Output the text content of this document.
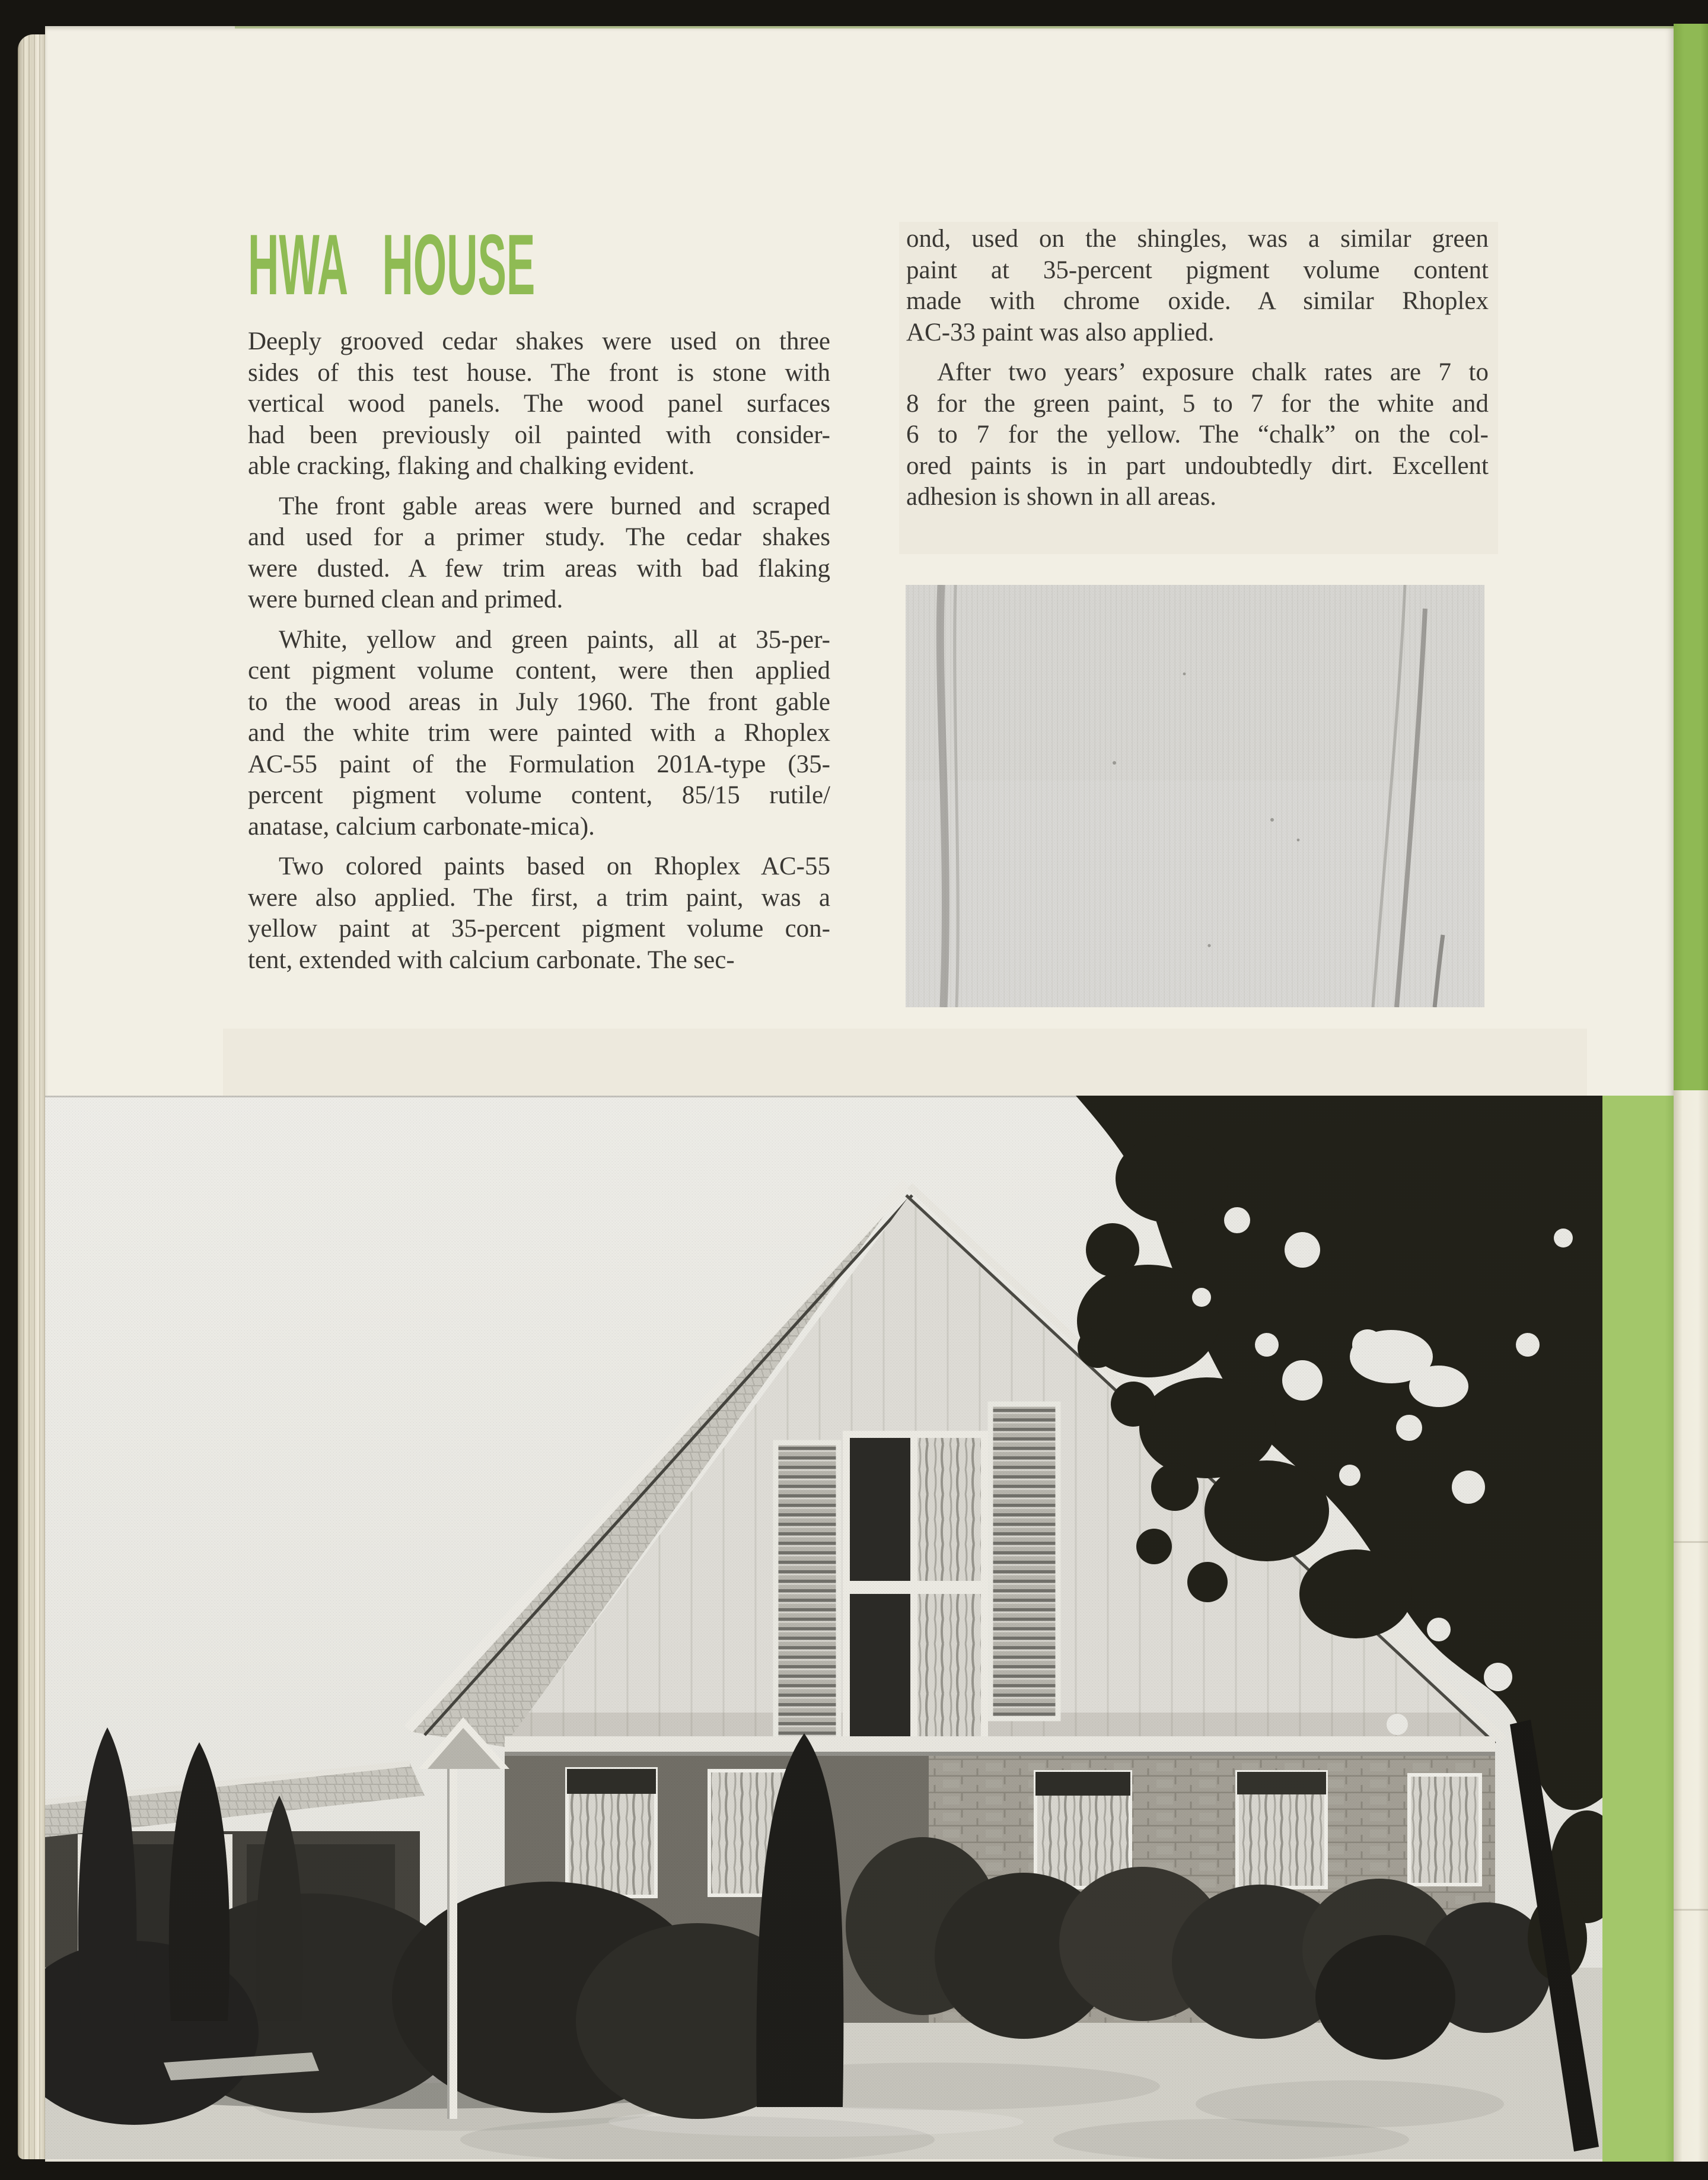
HWA HOUSE
Deeply grooved cedar shakes were used on three
sides of this test house. The front is stone with
vertical wood panels. The wood panel surfaces
had been previously oil painted with consider-
able cracking, flaking and chalking evident.
The front gable areas were burned and scraped
and used for a primer study. The cedar shakes
were dusted. A few trim areas with bad flaking
were burned clean and primed.
White, yellow and green paints, all at 35-per-
cent pigment volume content, were then applied
to the wood areas in July 1960. The front gable
and the white trim were painted with a Rhoplex
AC-55 paint of the Formulation 201A-type (35-
percent pigment volume content, 85/15 rutile/
anatase, calcium carbonate-mica).
Two colored paints based on Rhoplex AC-55
were also applied. The first, a trim paint, was a
yellow paint at 35-percent pigment volume con-
tent, extended with calcium carbonate. The sec-
ond, used on the shingles, was a similar green
paint at 35-percent pigment volume content
made with chrome oxide. A similar Rhoplex
AC-33 paint was also applied.
After two years’ exposure chalk rates are 7 to
8 for the green paint, 5 to 7 for the white and
6 to 7 for the yellow. The “chalk” on the col-
ored paints is in part undoubtedly dirt. Excellent
adhesion is shown in all areas.
